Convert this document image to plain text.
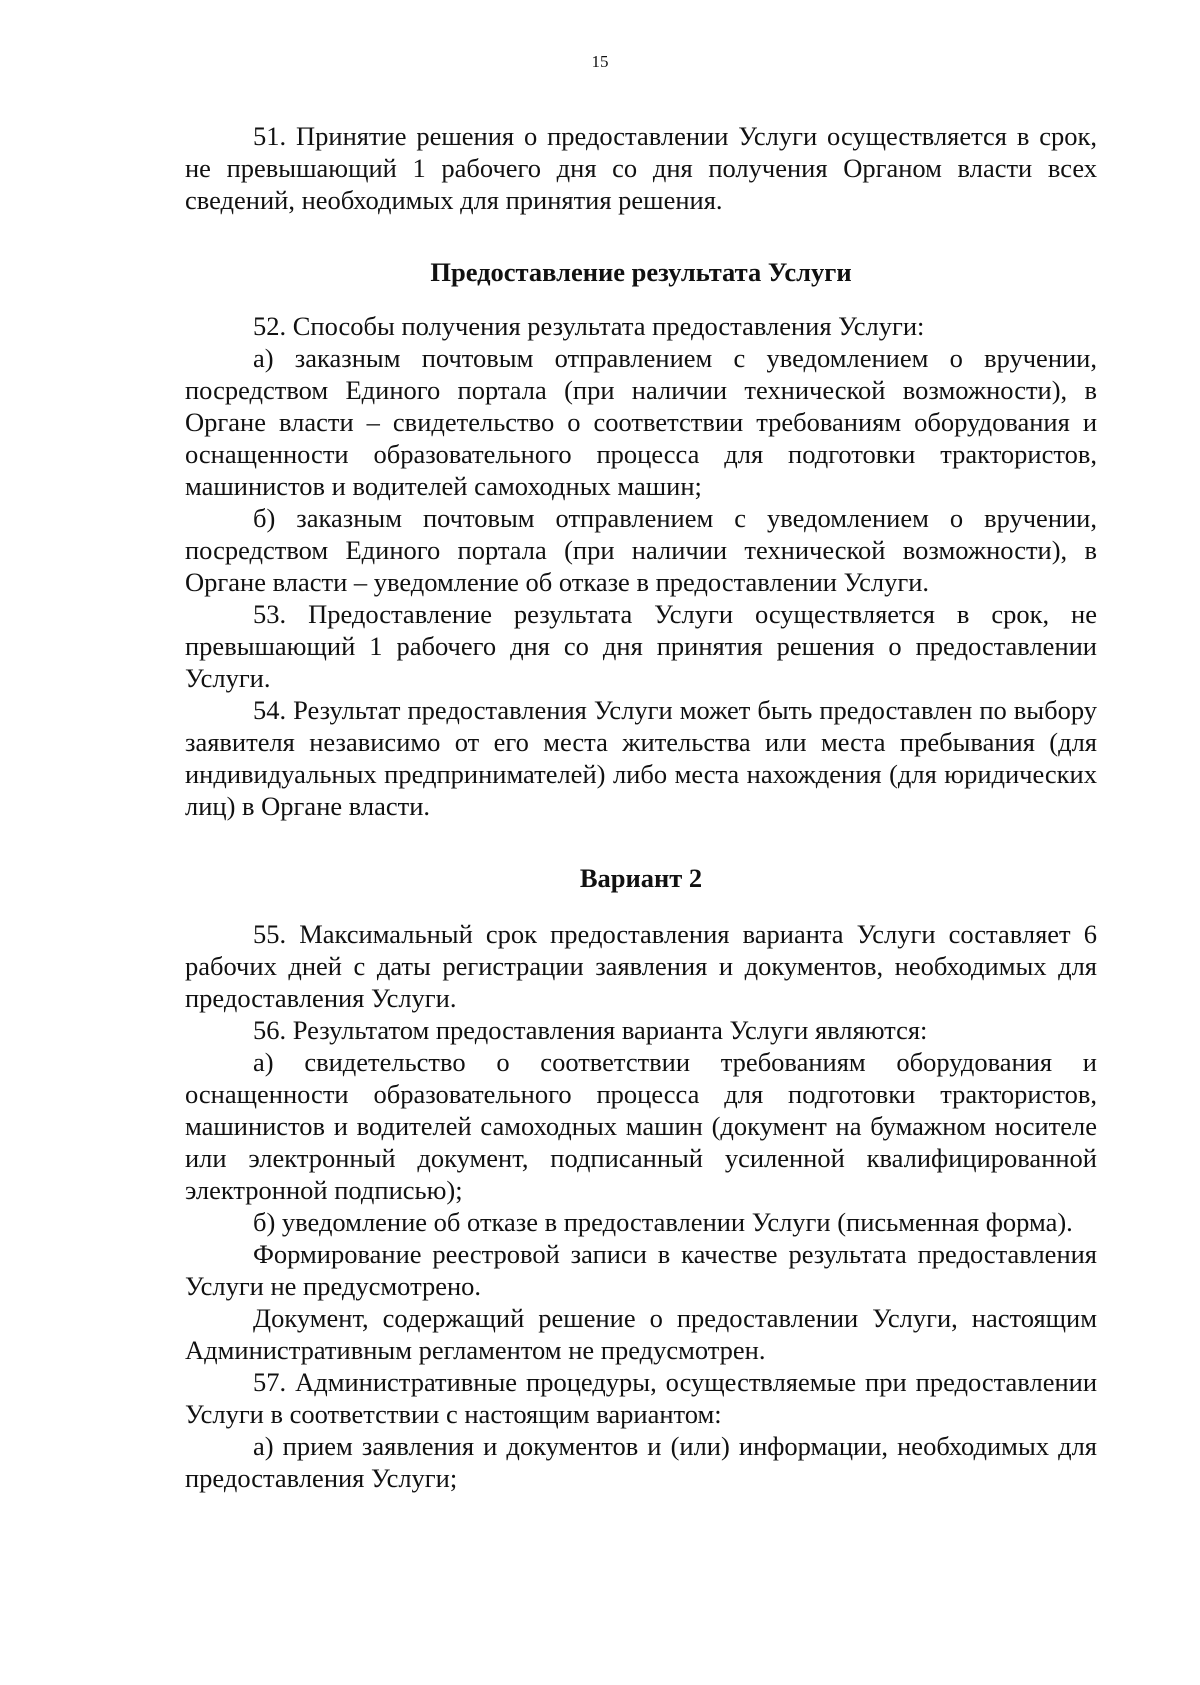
15

51. Принятие решения о предоставлении Услуги осуществляется в срок, не превышающий 1 рабочего дня со дня получения Органом власти всех сведений, необходимых для принятия решения.

Предоставление результата Услуги

52. Способы получения результата предоставления Услуги:

а) заказным почтовым отправлением с уведомлением о вручении, посредством Единого портала (при наличии технической возможности), в Органе власти – свидетельство о соответствии требованиям оборудования и оснащенности образовательного процесса для подготовки трактористов, машинистов и водителей самоходных машин;

б) заказным почтовым отправлением с уведомлением о вручении, посредством Единого портала (при наличии технической возможности), в Органе власти – уведомление об отказе в предоставлении Услуги.

53. Предоставление результата Услуги осуществляется в срок, не превышающий 1 рабочего дня со дня принятия решения о предоставлении Услуги.

54. Результат предоставления Услуги может быть предоставлен по выбору заявителя независимо от его места жительства или места пребывания (для индивидуальных предпринимателей) либо места нахождения (для юридических лиц) в Органе власти.

Вариант 2

55. Максимальный срок предоставления варианта Услуги составляет 6 рабочих дней с даты регистрации заявления и документов, необходимых для предоставления Услуги.

56. Результатом предоставления варианта Услуги являются:

а) свидетельство о соответствии требованиям оборудования и оснащенности образовательного процесса для подготовки трактористов, машинистов и водителей самоходных машин (документ на бумажном носителе или электронный документ, подписанный усиленной квалифицированной электронной подписью);

б) уведомление об отказе в предоставлении Услуги (письменная форма).

Формирование реестровой записи в качестве результата предоставления Услуги не предусмотрено.

Документ, содержащий решение о предоставлении Услуги, настоящим Административным регламентом не предусмотрен.

57. Административные процедуры, осуществляемые при предоставлении Услуги в соответствии с настоящим вариантом:

а) прием заявления и документов и (или) информации, необходимых для предоставления Услуги;
